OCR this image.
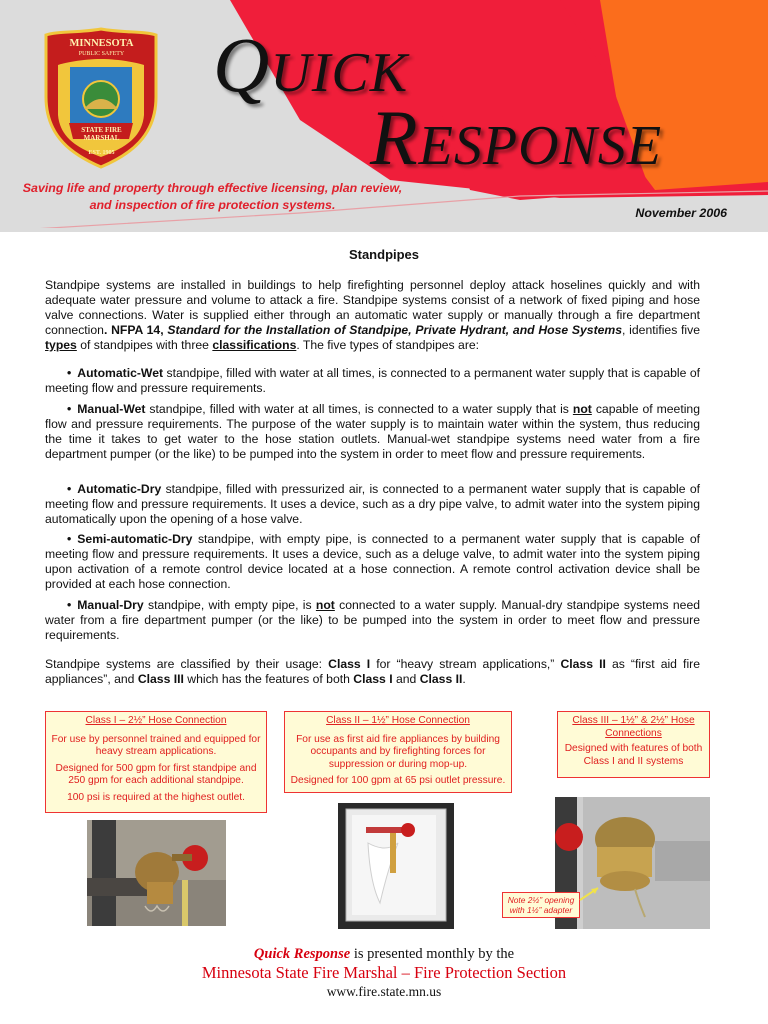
MINNESOTA
PUBLIC SAFETY
STATE FIRE
MARSHAL
EST. 1905
QUICK
RESPONSE
Saving life and property through effective licensing, plan review,
and inspection of fire protection systems.
November 2006
Standpipes
Standpipe systems are installed in buildings to help firefighting personnel deploy attack hoselines quickly and with adequate water pressure and volume to attack a fire. Standpipe systems consist of a network of fixed piping and hose valve connections. Water is supplied either through an automatic water supply or manually through a fire department connection. NFPA 14, Standard for the Installation of Standpipe, Private Hydrant, and Hose Systems, identifies five types of standpipes with three classifications. The five types of standpipes are:
• Automatic-Wet standpipe, filled with water at all times, is connected to a permanent water supply that is capable of meeting flow and pressure requirements.
• Manual-Wet standpipe, filled with water at all times, is connected to a water supply that is not capable of meeting flow and pressure requirements. The purpose of the water supply is to maintain water within the system, thus reducing the time it takes to get water to the hose station outlets. Manual-wet standpipe systems need water from a fire department pumper (or the like) to be pumped into the system in order to meet flow and pressure requirements.
• Automatic-Dry standpipe, filled with pressurized air, is connected to a permanent water supply that is capable of meeting flow and pressure requirements. It uses a device, such as a dry pipe valve, to admit water into the system piping automatically upon the opening of a hose valve.
• Semi-automatic-Dry standpipe, with empty pipe, is connected to a permanent water supply that is capable of meeting flow and pressure requirements. It uses a device, such as a deluge valve, to admit water into the system piping upon activation of a remote control device located at a hose connection. A remote control activation device shall be provided at each hose connection.
• Manual-Dry standpipe, with empty pipe, is not connected to a water supply. Manual-dry standpipe systems need water from a fire department pumper (or the like) to be pumped into the system in order to meet flow and pressure requirements.
Standpipe systems are classified by their usage: Class I for “heavy stream applications,” Class II as “first aid fire appliances”, and Class III which has the features of both Class I and Class II.
Class I – 2½” Hose Connection

For use by personnel trained and equipped for heavy stream applications.

Designed for 500 gpm for first standpipe and 250 gpm for each additional standpipe.

100 psi is required at the highest outlet.

Class II – 1½” Hose Connection

For use as first aid fire appliances by building occupants and by firefighting forces for suppression or during mop-up.

Designed for 100 gpm at 65 psi outlet pressure.

Class III – 1½” & 2½” Hose Connections

Designed with features of both Class I and II systems

Note 2½” opening with 1½” adapter
Quick Response is presented monthly by the
Minnesota State Fire Marshal – Fire Protection Section
www.fire.state.mn.us
